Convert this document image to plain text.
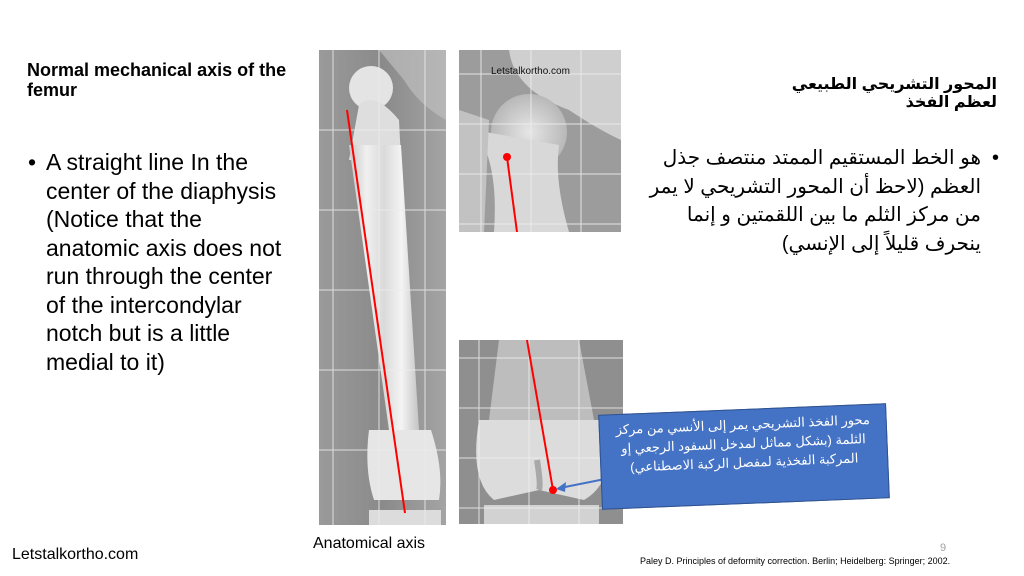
Normal mechanical axis of the femur
• A straight line In the center of the diaphysis (Notice that the anatomic axis does not run through the center of the intercondylar notch but is a little medial to it)
Letstalkortho.com
محور الفخذ التشريحي يمر إلى الأنسي من مركز الثلمة (بشكل مماثل لمدخل السفود الرجعي إو المركبة الفخذية لمفصل الركبة الاصطناعي)
المحور التشريحي الطبيعي لعظم الفخذ
•
هو الخط المستقيم الممتد منتصف جذل العظم (لاحظ أن المحور التشريحي لا يمر من مركز الثلم ما بين اللقمتين و إنما ينحرف قليلاً إلى الإنسي)
Letstalkortho.com
Anatomical axis	9
Paley D. Principles of deformity correction. Berlin; Heidelberg: Springer; 2002.
